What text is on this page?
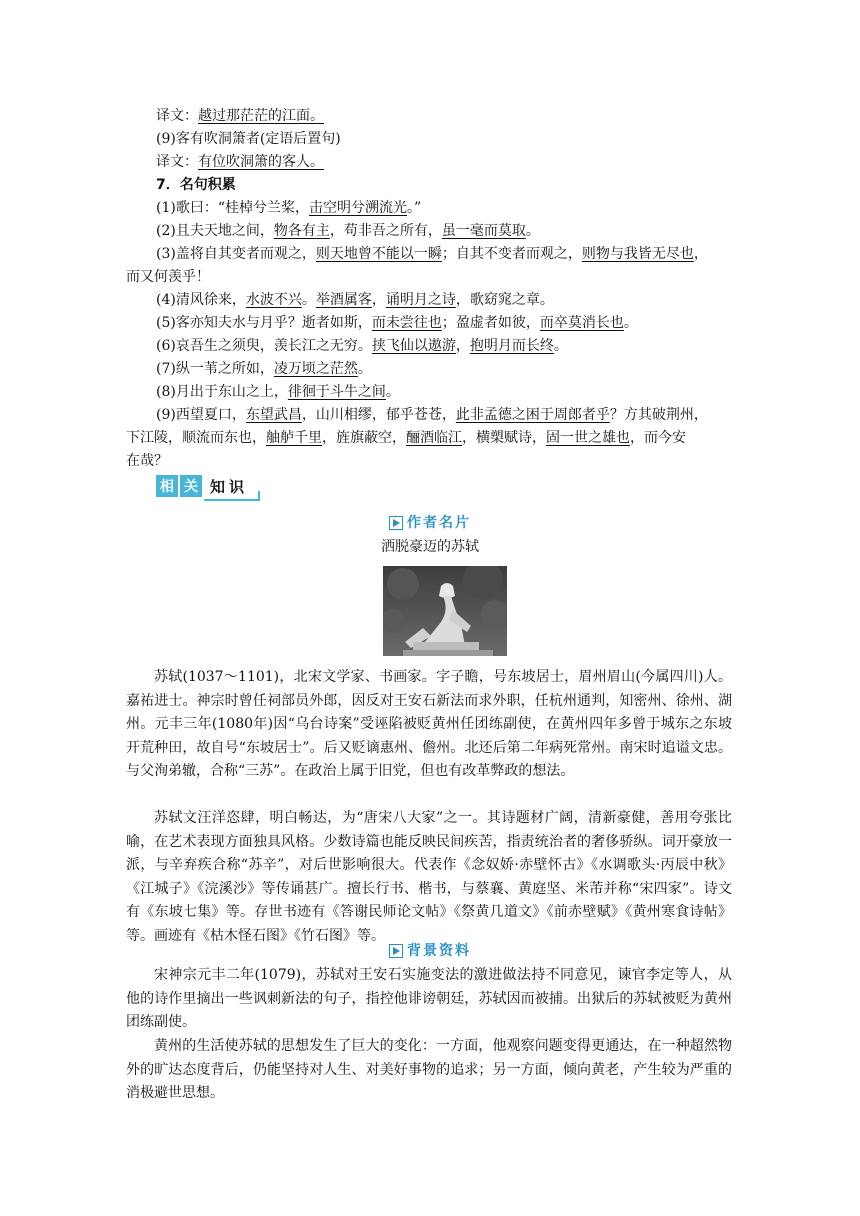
译文：越过那茫茫的江面。
(9)客有吹洞箫者(定语后置句)
译文：有位吹洞箫的客人。
7．名句积累
(1)歌曰：“桂棹兮兰桨，击空明兮溯流光。”
(2)且夫天地之间，物各有主，苟非吾之所有，虽一毫而莫取。
(3)盖将自其变者而观之，则天地曾不能以一瞬；自其不变者而观之，则物与我皆无尽也，
而又何羡乎！
(4)清风徐来，水波不兴。举酒属客，诵明月之诗，歌窈窕之章。
(5)客亦知夫水与月乎？逝者如斯，而未尝往也；盈虚者如彼，而卒莫消长也。
(6)哀吾生之须臾，羡长江之无穷。挟飞仙以遨游，抱明月而长终。
(7)纵一苇之所如，凌万顷之茫然。
(8)月出于东山之上，徘徊于斗牛之间。
(9)西望夏口，东望武昌，山川相缪，郁乎苍苍，此非孟德之困于周郎者乎？方其破荆州，
下江陵，顺流而东也，舳舻千里，旌旗蔽空，酾酒临江，横槊赋诗，固一世之雄也，而今安
在哉？
相 关 知识
作者名片
洒脱豪迈的苏轼
苏轼(1037～1101)，北宋文学家、书画家。字子瞻，号东坡居士，眉州眉山(今属四川)人。嘉祐进士。神宗时曾任祠部员外郎，因反对王安石新法而求外职，任杭州通判，知密州、徐州、湖州。元丰三年(1080年)因“乌台诗案”受诬陷被贬黄州任团练副使，在黄州四年多曾于城东之东坡开荒种田，故自号“东坡居士”。后又贬谪惠州、儋州。北还后第二年病死常州。南宋时追谥文忠。与父洵弟辙，合称“三苏”。在政治上属于旧党，但也有改革弊政的想法。
苏轼文汪洋恣肆，明白畅达，为“唐宋八大家”之一。其诗题材广阔，清新豪健，善用夸张比喻，在艺术表现方面独具风格。少数诗篇也能反映民间疾苦，指责统治者的奢侈骄纵。词开豪放一派，与辛弃疾合称“苏辛”，对后世影响很大。代表作《念奴娇·赤壁怀古》《水调歌头·丙辰中秋》《江城子》《浣溪沙》等传诵甚广。擅长行书、楷书，与蔡襄、黄庭坚、米芾并称“宋四家”。诗文有《东坡七集》等。存世书迹有《答谢民师论文帖》《祭黄几道文》《前赤壁赋》《黄州寒食诗帖》等。画迹有《枯木怪石图》《竹石图》等。
背景资料
宋神宗元丰二年(1079)，苏轼对王安石实施变法的激进做法持不同意见，谏官李定等人，从他的诗作里摘出一些讽刺新法的句子，指控他诽谤朝廷，苏轼因而被捕。出狱后的苏轼被贬为黄州团练副使。
黄州的生活使苏轼的思想发生了巨大的变化：一方面，他观察问题变得更通达，在一种超然物外的旷达态度背后，仍能坚持对人生、对美好事物的追求；另一方面，倾向黄老，产生较为严重的消极避世思想。
